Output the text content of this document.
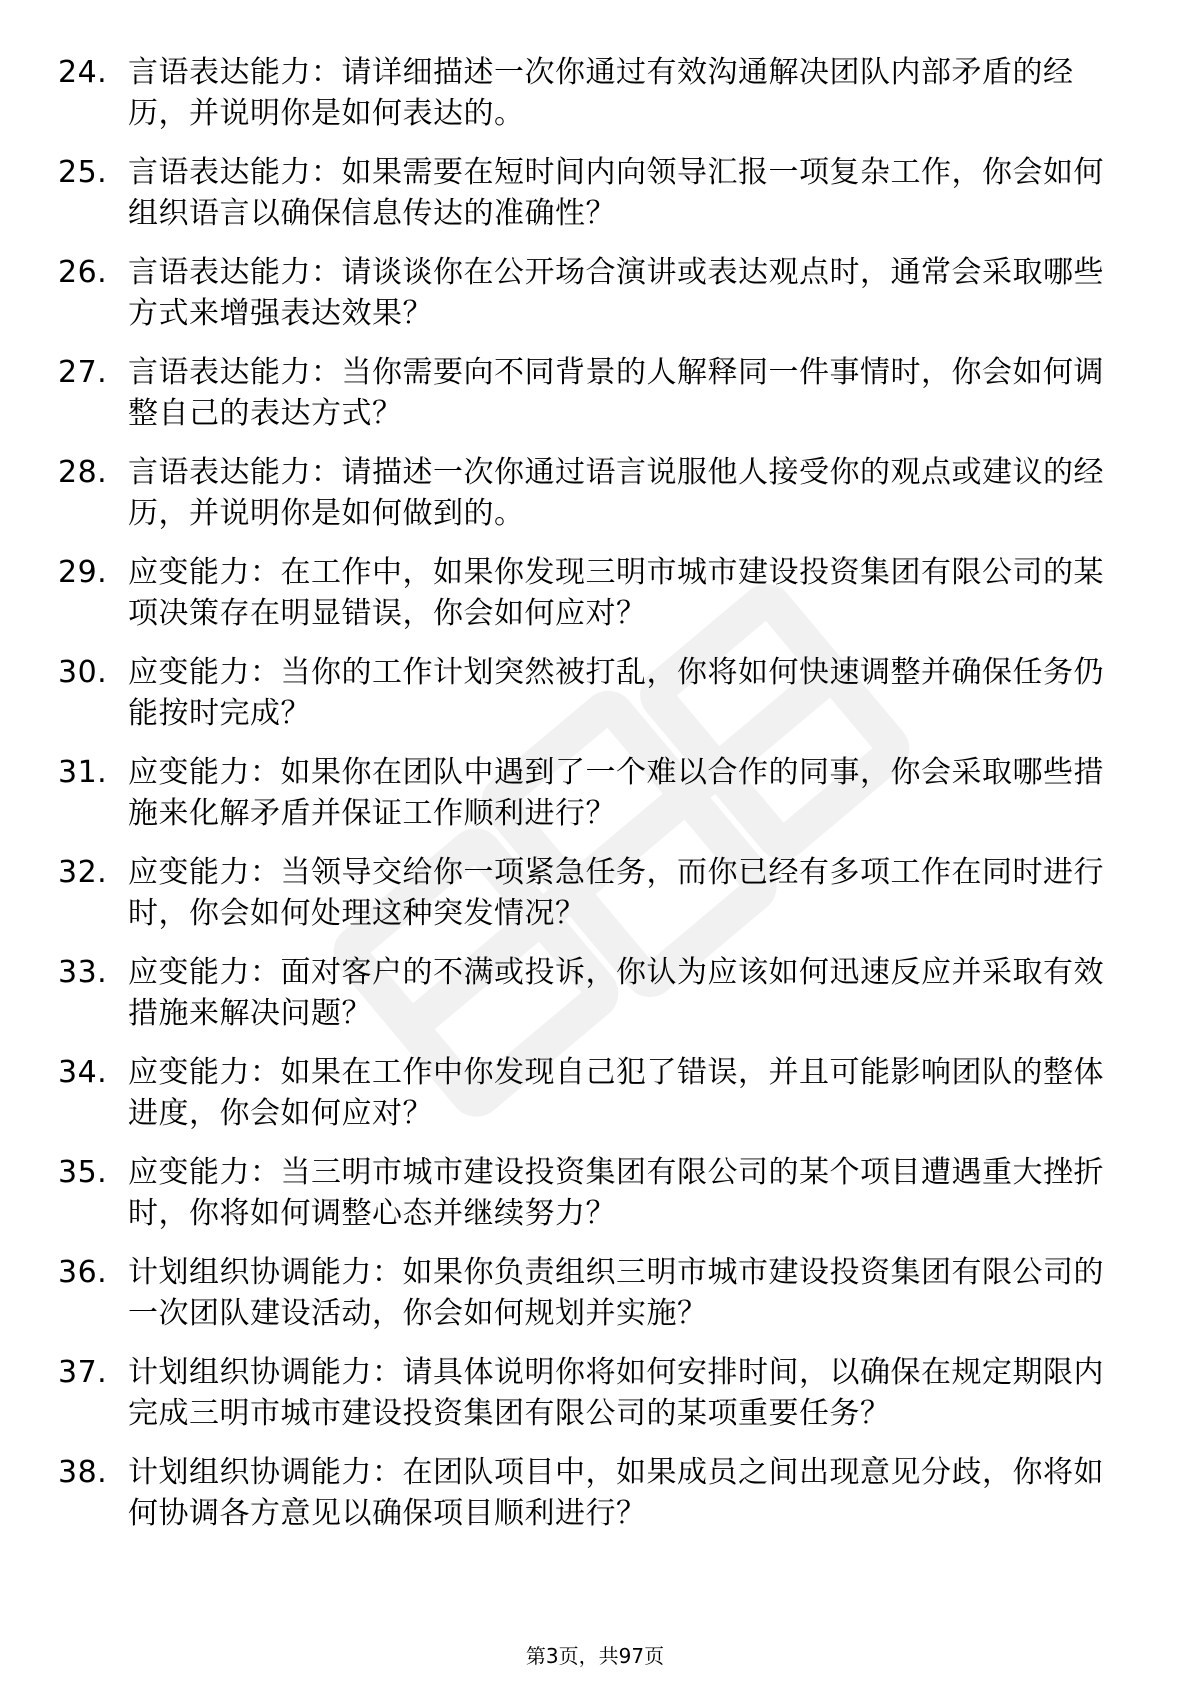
24. 言语表达能力：请详细描述一次你通过有效沟通解决团队内部矛盾的经历，并说明你是如何表达的。
25. 言语表达能力：如果需要在短时间内向领导汇报一项复杂工作，你会如何组织语言以确保信息传达的准确性？
26. 言语表达能力：请谈谈你在公开场合演讲或表达观点时，通常会采取哪些方式来增强表达效果？
27. 言语表达能力：当你需要向不同背景的人解释同一件事情时，你会如何调整自己的表达方式？
28. 言语表达能力：请描述一次你通过语言说服他人接受你的观点或建议的经历，并说明你是如何做到的。
29. 应变能力：在工作中，如果你发现三明市城市建设投资集团有限公司的某项决策存在明显错误，你会如何应对？
30. 应变能力：当你的工作计划突然被打乱，你将如何快速调整并确保任务仍能按时完成？
31. 应变能力：如果你在团队中遇到了一个难以合作的同事，你会采取哪些措施来化解矛盾并保证工作顺利进行？
32. 应变能力：当领导交给你一项紧急任务，而你已经有多项工作在同时进行时，你会如何处理这种突发情况？
33. 应变能力：面对客户的不满或投诉，你认为应该如何迅速反应并采取有效措施来解决问题？
34. 应变能力：如果在工作中你发现自己犯了错误，并且可能影响团队的整体进度，你会如何应对？
35. 应变能力：当三明市城市建设投资集团有限公司的某个项目遭遇重大挫折时，你将如何调整心态并继续努力？
36. 计划组织协调能力：如果你负责组织三明市城市建设投资集团有限公司的一次团队建设活动，你会如何规划并实施？
37. 计划组织协调能力：请具体说明你将如何安排时间，以确保在规定期限内完成三明市城市建设投资集团有限公司的某项重要任务？
38. 计划组织协调能力：在团队项目中，如果成员之间出现意见分歧，你将如何协调各方意见以确保项目顺利进行？
第3页，共97页
